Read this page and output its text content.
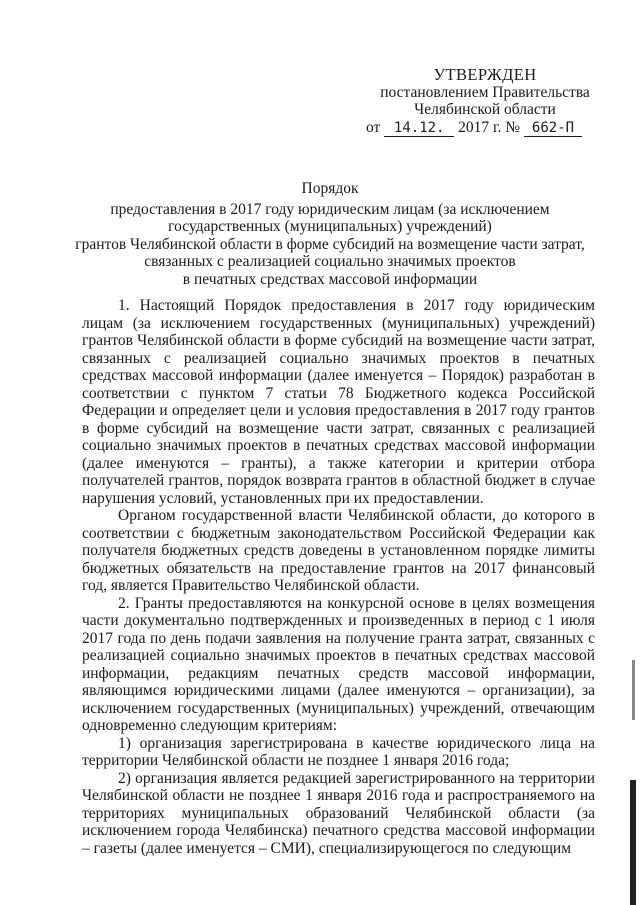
УТВЕРЖДЕН
постановлением Правительства
Челябинской области
от 14.12. 2017 г. № 662-П

Порядок

предоставления в 2017 году юридическим лицам (за исключением

государственных (муниципальных) учреждений)

грантов Челябинской области в форме субсидий на возмещение части затрат,

связанных с реализацией социально значимых проектов

в печатных средствах массовой информации

1. Настоящий Порядок предоставления в 2017 году юридическим лицам (за исключением государственных (муниципальных) учреждений) грантов Челябинской области в форме субсидий на возмещение части затрат, связанных с реализацией социально значимых проектов в печатных средствах массовой информации (далее именуется – Порядок) разработан в соответствии с пунктом 7 статьи 78 Бюджетного кодекса Российской Федерации и определяет цели и условия предоставления в 2017 году грантов в форме субсидий на возмещение части затрат, связанных с реализацией социально значимых проектов в печатных средствах массовой информации (далее именуются – гранты), а также категории и критерии отбора получателей грантов, порядок возврата грантов в областной бюджет в случае нарушения условий, установленных при их предоставлении.

Органом государственной власти Челябинской области, до которого в соответствии с бюджетным законодательством Российской Федерации как получателя бюджетных средств доведены в установленном порядке лимиты бюджетных обязательств на предоставление грантов на 2017 финансовый год, является Правительство Челябинской области.

2. Гранты предоставляются на конкурсной основе в целях возмещения части документально подтвержденных и произведенных в период с 1 июля 2017 года по день подачи заявления на получение гранта затрат, связанных с реализацией социально значимых проектов в печатных средствах массовой информации, редакциям печатных средств массовой информации, являющимся юридическими лицами (далее именуются – организации), за исключением государственных (муниципальных) учреждений, отвечающим одновременно следующим критериям:

1) организация зарегистрирована в качестве юридического лица на территории Челябинской области не позднее 1 января 2016 года;

2) организация является редакцией зарегистрированного на территории Челябинской области не позднее 1 января 2016 года и распространяемого на территориях муниципальных образований Челябинской области (за исключением города Челябинска) печатного средства массовой информации – газеты (далее именуется – СМИ), специализирующегося по следующим
